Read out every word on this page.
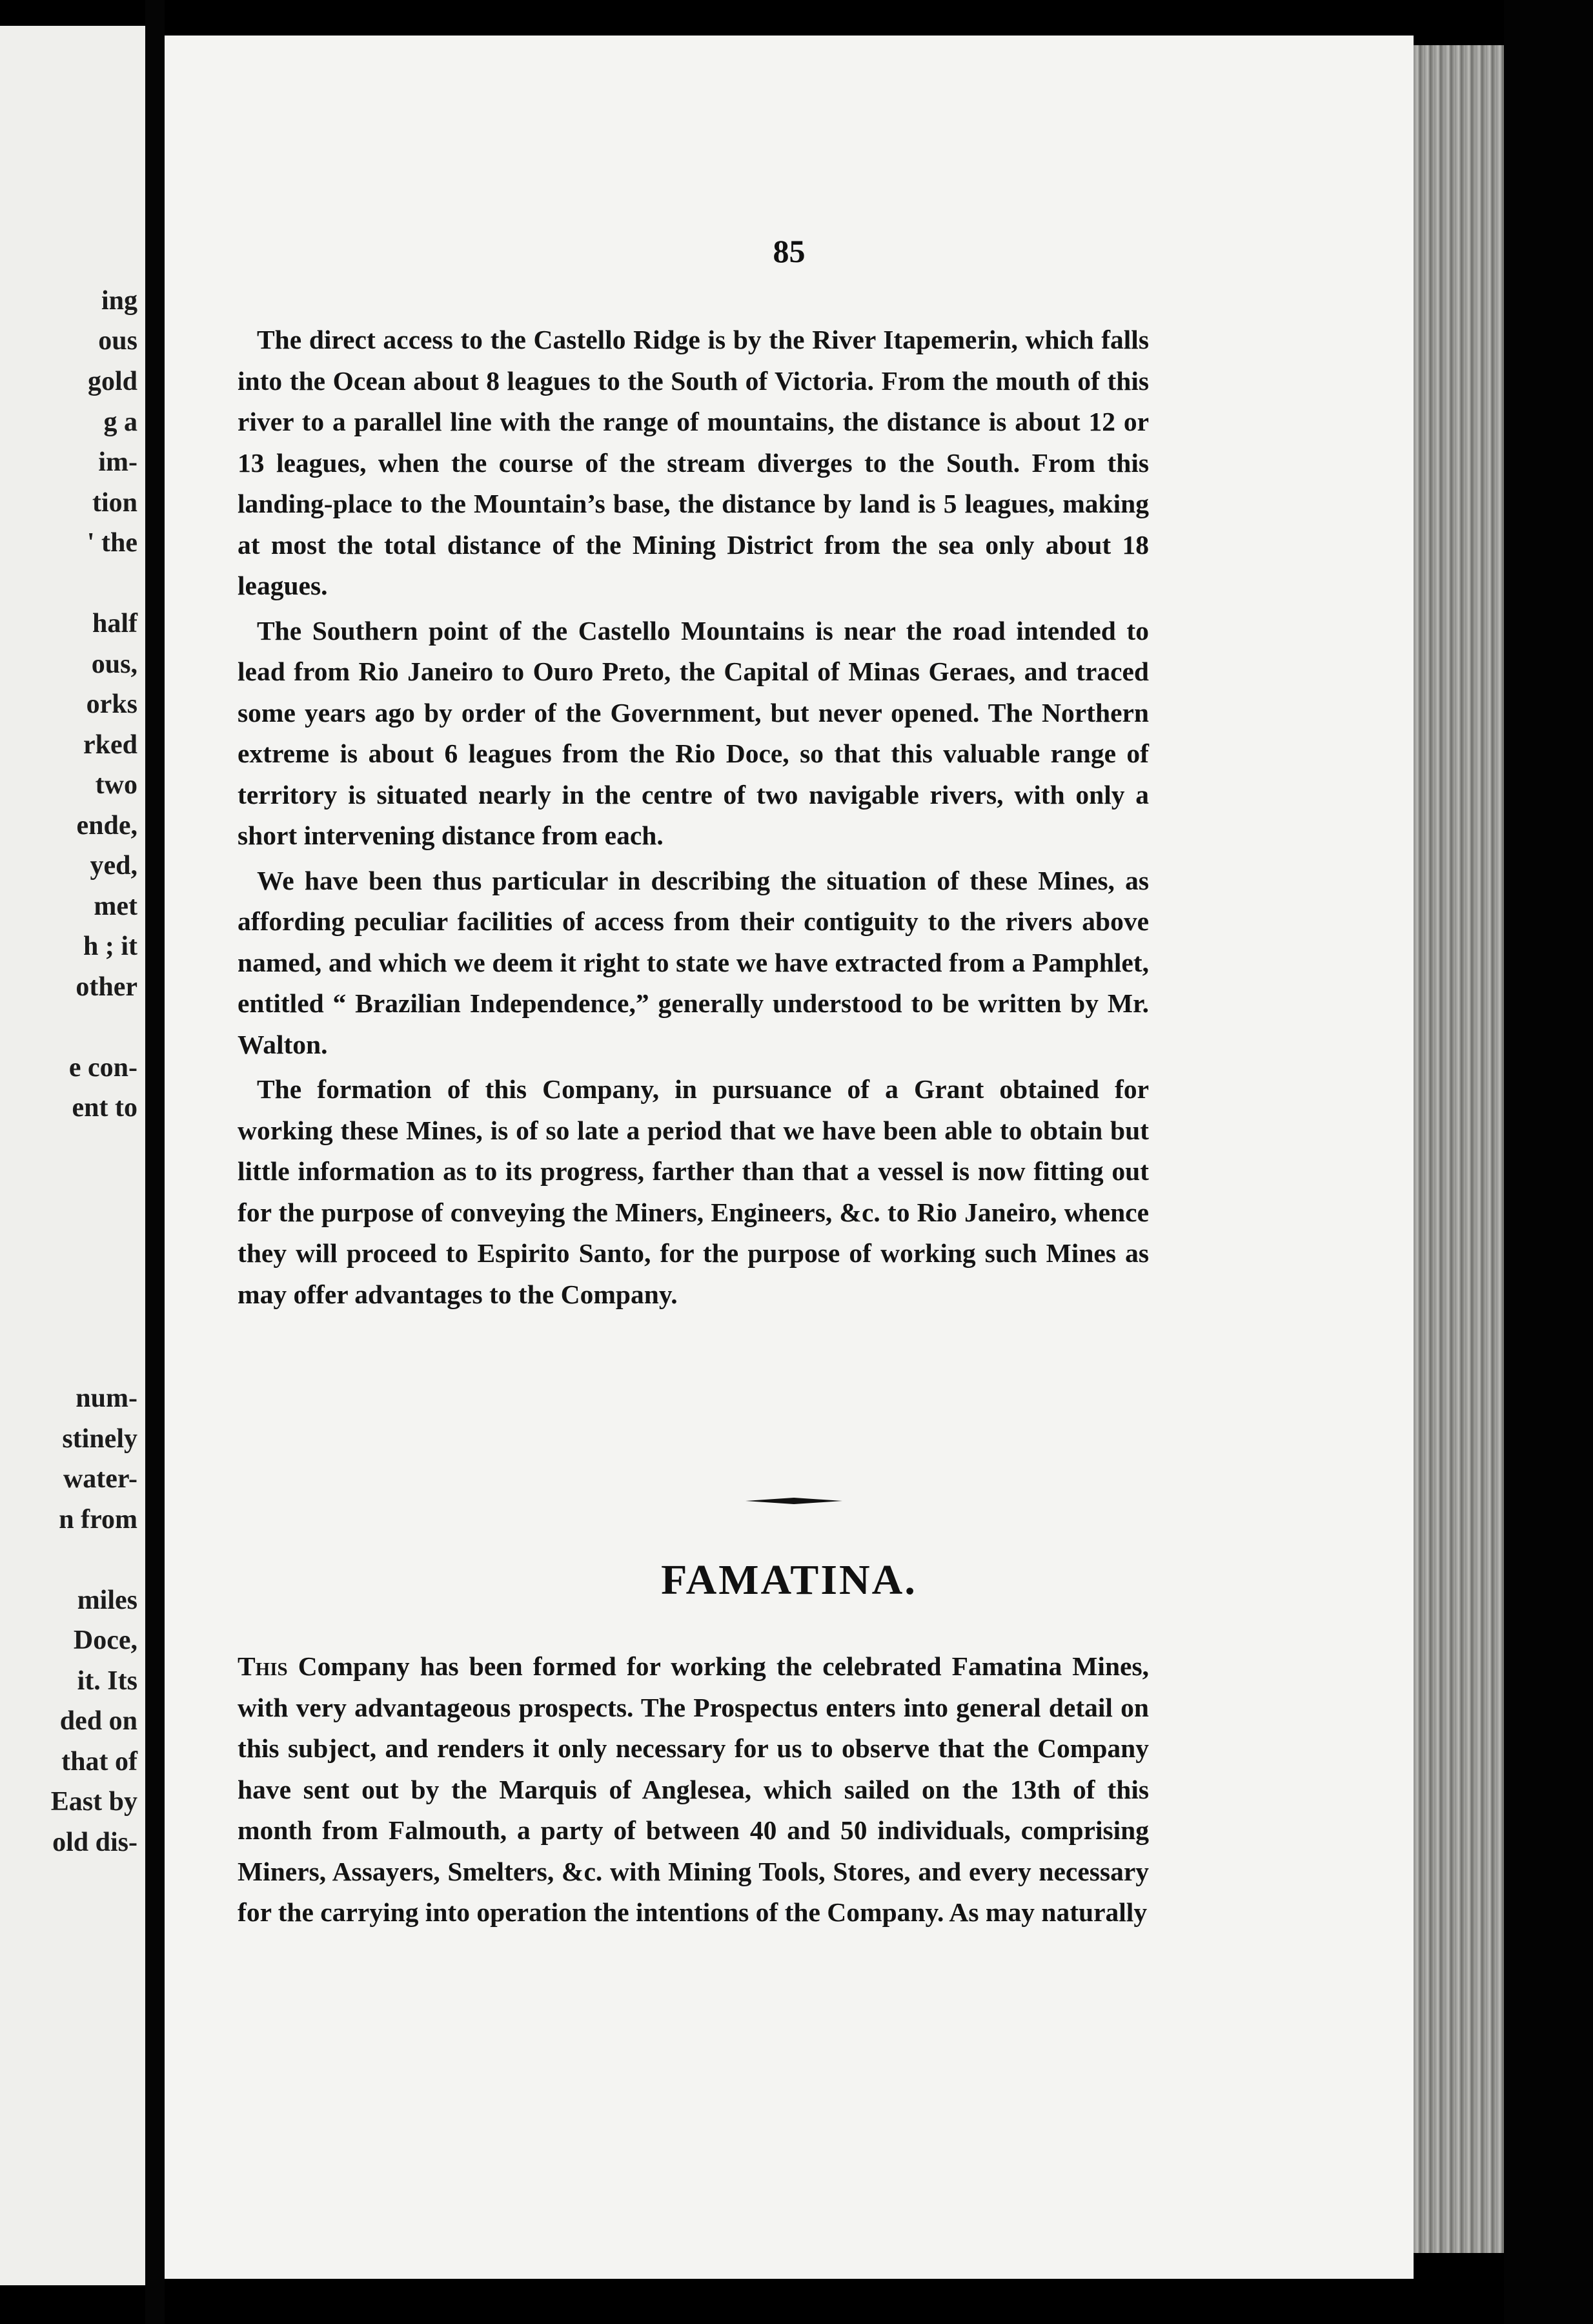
ing
ous
gold
g a
im-
tion
' the
half
ous,
orks
rked
two
ende,
yed,
met
h ; it
other
e con-
ent to
num-
stinely
water-
n from
miles
Doce,
it. Its
ded on
that of
East by
old dis-
85

The direct access to the Castello Ridge is by the River Itapemerin, which falls into the Ocean about 8 leagues to the South of Victoria. From the mouth of this river to a parallel line with the range of mountains, the distance is about 12 or 13 leagues, when the course of the stream diverges to the South. From this landing-place to the Mountain’s base, the distance by land is 5 leagues, making at most the total distance of the Mining District from the sea only about 18 leagues.

The Southern point of the Castello Mountains is near the road intended to lead from Rio Janeiro to Ouro Preto, the Capital of Minas Geraes, and traced some years ago by order of the Government, but never opened. The Northern extreme is about 6 leagues from the Rio Doce, so that this valuable range of territory is situated nearly in the centre of two navigable rivers, with only a short intervening distance from each.

We have been thus particular in describing the situation of these Mines, as affording peculiar facilities of access from their contiguity to the rivers above named, and which we deem it right to state we have extracted from a Pamphlet, entitled “ Brazilian Independence,” generally understood to be written by Mr. Walton.

The formation of this Company, in pursuance of a Grant obtained for working these Mines, is of so late a period that we have been able to obtain but little information as to its progress, farther than that a vessel is now fitting out for the purpose of conveying the Miners, Engineers, &c. to Rio Janeiro, whence they will proceed to Espirito Santo, for the purpose of working such Mines as may offer advantages to the Company.

FAMATINA.

This Company has been formed for working the celebrated Famatina Mines, with very advantageous prospects. The Prospectus enters into general detail on this subject, and renders it only necessary for us to observe that the Company have sent out by the Marquis of Anglesea, which sailed on the 13th of this month from Falmouth, a party of between 40 and 50 individuals, comprising Miners, Assayers, Smelters, &c. with Mining Tools, Stores, and every necessary for the carrying into operation the intentions of the Company. As may naturally
